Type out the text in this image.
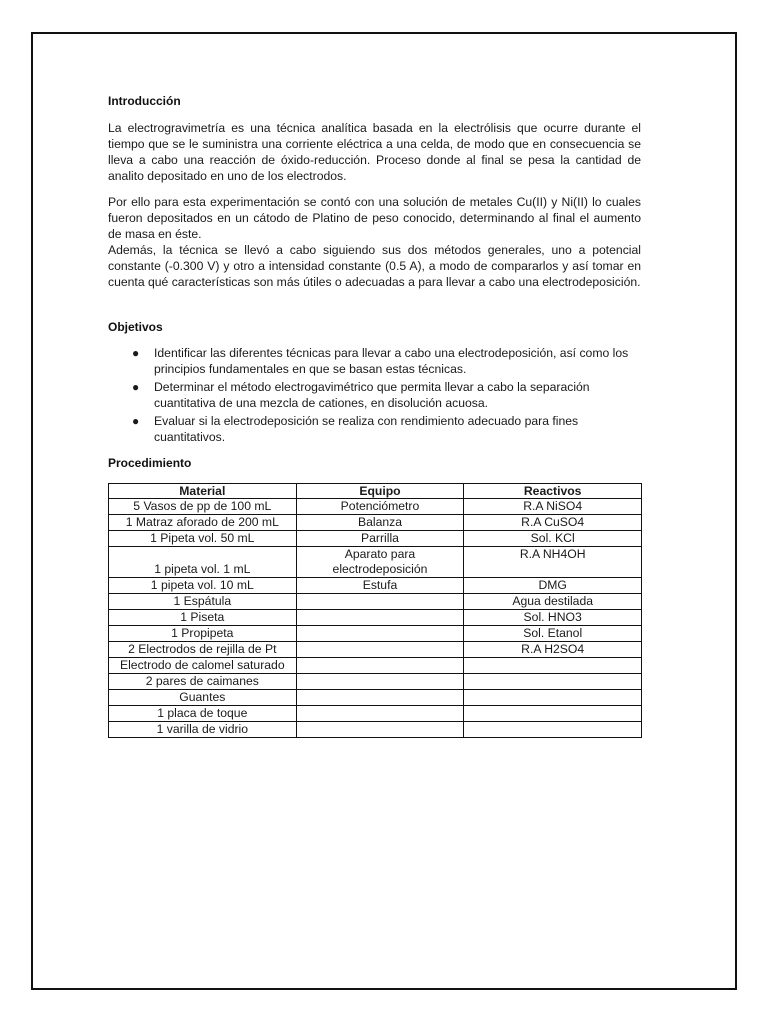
Introducción

La electrogravimetría es una técnica analítica basada en la electrólisis que ocurre durante el tiempo que se le suministra una corriente eléctrica a una celda, de modo que en consecuencia se lleva a cabo una reacción de óxido-reducción. Proceso donde al final se pesa la cantidad de analito depositado en uno de los electrodos.

Por ello para esta experimentación se contó con una solución de metales Cu(II) y Ni(II) lo cuales fueron depositados en un cátodo de Platino de peso conocido, determinando al final el aumento de masa en éste.

Además, la técnica se llevó a cabo siguiendo sus dos métodos generales, uno a potencial constante (-0.300 V) y otro a intensidad constante (0.5 A), a modo de compararlos y así tomar en cuenta qué características son más útiles o adecuadas a para llevar a cabo una electrodeposición.

Objetivos
● Identificar las diferentes técnicas para llevar a cabo una electrodeposición, así como los principios fundamentales en que se basan estas técnicas.
● Determinar el método electrogavimétrico que permita llevar a cabo la separación cuantitativa de una mezcla de cationes, en disolución acuosa.
● Evaluar si la electrodeposición se realiza con rendimiento adecuado para fines cuantitativos.
Procedimiento
Material	Equipo	Reactivos
5 Vasos de pp de 100 mL	Potenciómetro	R.A NiSO4
1 Matraz aforado de 200 mL	Balanza	R.A CuSO4
1 Pipeta vol. 50 mL	Parrilla	Sol. KCl
1 pipeta vol. 1 mL	Aparato para electrodeposición	R.A NH4OH
1 pipeta vol. 10 mL	Estufa	DMG
1 Espátula		Agua destilada
1 Piseta		Sol. HNO3
1 Propipeta		Sol. Etanol
2 Electrodos de rejilla de Pt		R.A H2SO4
Electrodo de calomel saturado		
2 pares de caimanes		
Guantes		
1 placa de toque		
1 varilla de vidrio		
